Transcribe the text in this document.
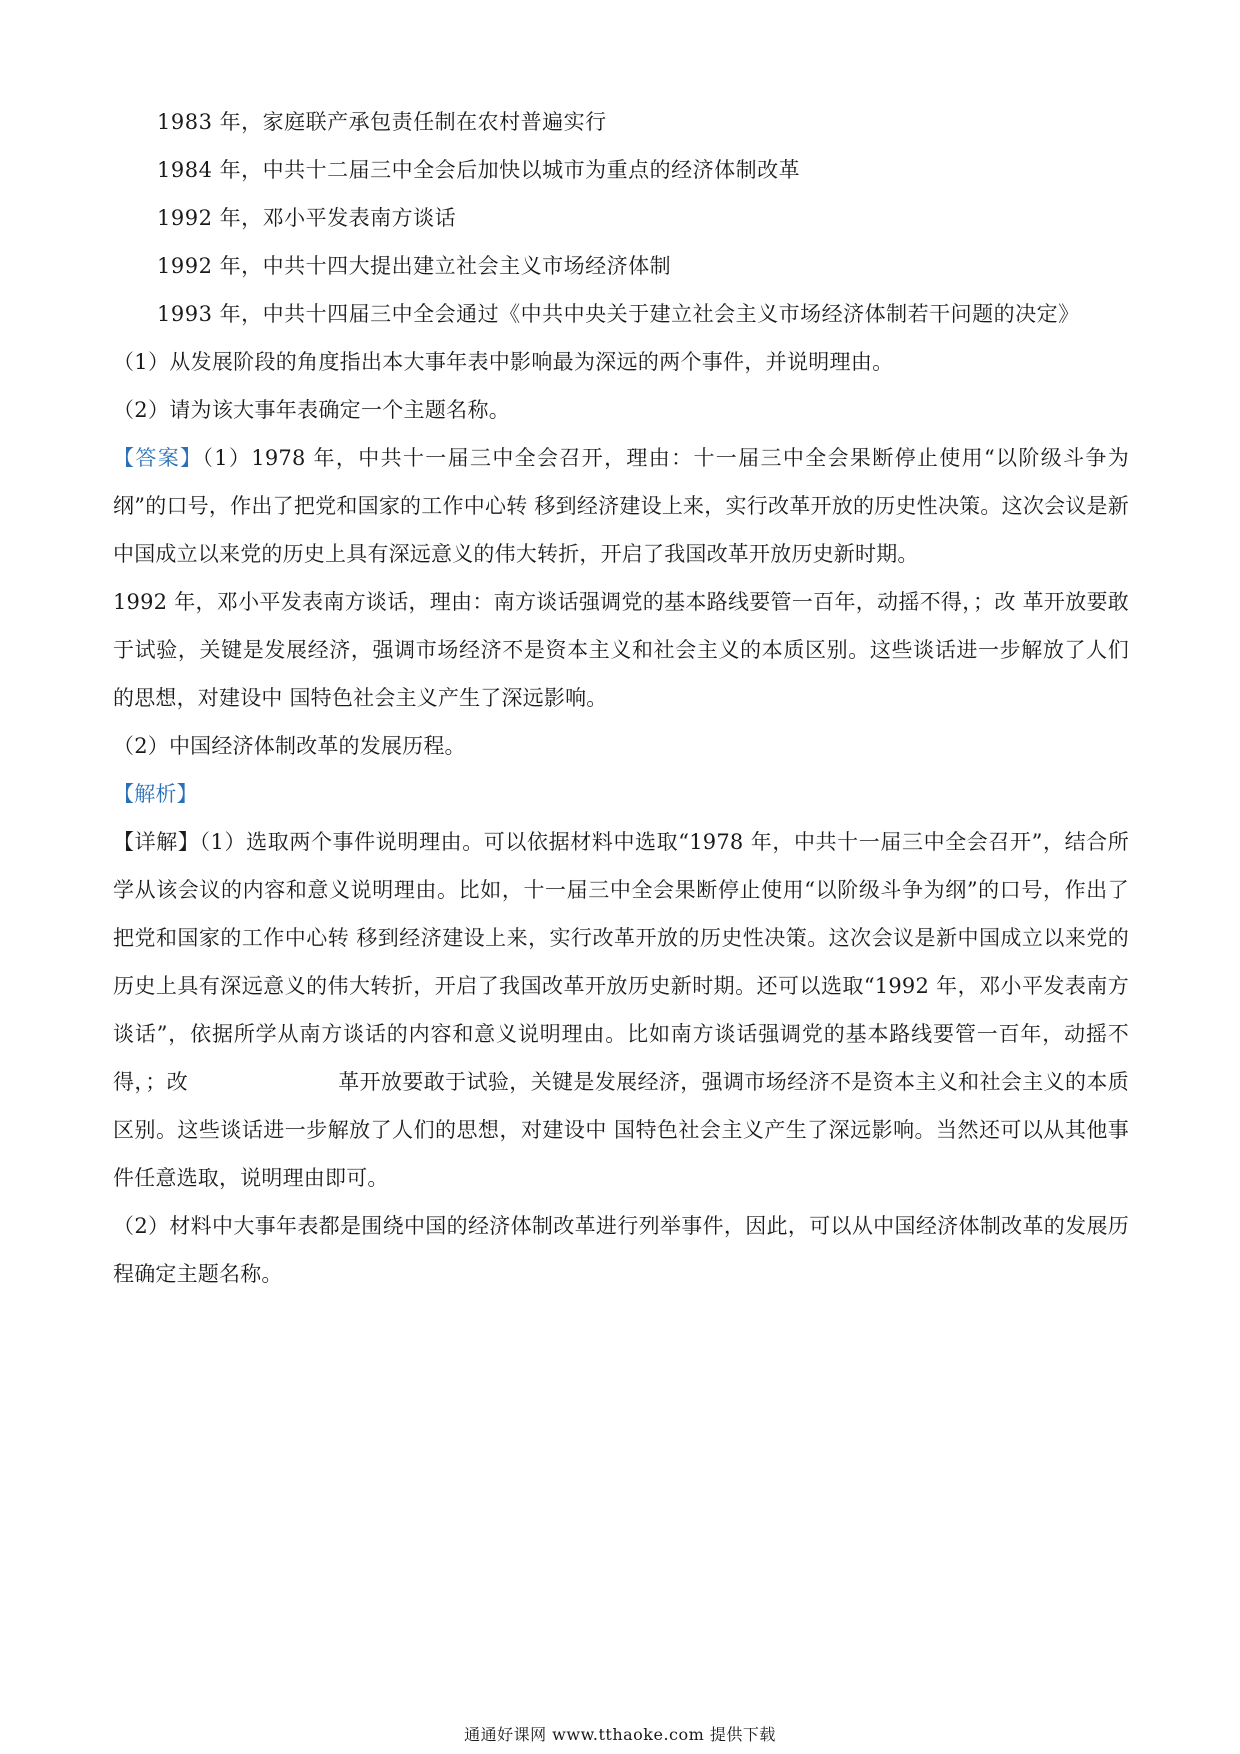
1983 年，家庭联产承包责任制在农村普遍实行
1984 年，中共十二届三中全会后加快以城市为重点的经济体制改革
1992 年，邓小平发表南方谈话
1992 年，中共十四大提出建立社会主义市场经济体制
1993 年，中共十四届三中全会通过《中共中央关于建立社会主义市场经济体制若干问题的决定》

（1）从发展阶段的角度指出本大事年表中影响最为深远的两个事件，并说明理由。

（2）请为该大事年表确定一个主题名称。

【答案】（1）1978 年，中共十一届三中全会召开，理由：十一届三中全会果断停止使用“以阶级斗争为纲”的口号，作出了把党和国家的工作中心转 移到经济建设上来，实行改革开放的历史性决策。这次会议是新中国成立以来党的历史上具有深远意义的伟大转折，开启了我国改革开放历史新时期。

1992 年，邓小平发表南方谈话，理由：南方谈话强调党的基本路线要管一百年，动摇不得，；改 革开放要敢于试验，关键是发展经济，强调市场经济不是资本主义和社会主义的本质区别。这些谈话进一步解放了人们的思想，对建设中 国特色社会主义产生了深远影响。

（2）中国经济体制改革的发展历程。

【解析】

【详解】（1）选取两个事件说明理由。可以依据材料中选取“1978 年，中共十一届三中全会召开”，结合所学从该会议的内容和意义说明理由。比如，十一届三中全会果断停止使用“以阶级斗争为纲”的口号，作出了把党和国家的工作中心转 移到经济建设上来，实行改革开放的历史性决策。这次会议是新中国成立以来党的历史上具有深远意义的伟大转折，开启了我国改革开放历史新时期。还可以选取“1992 年，邓小平发表南方谈话”，依据所学从南方谈话的内容和意义说明理由。比如南方谈话强调党的基本路线要管一百年，动摇不得，；改	革开放要敢于试验，关键是发展经济，强调市场经济不是资本主义和社会主义的本质区别。这些谈话进一步解放了人们的思想，对建设中 国特色社会主义产生了深远影响。当然还可以从其他事件任意选取，说明理由即可。

（2）材料中大事年表都是围绕中国的经济体制改革进行列举事件，因此，可以从中国经济体制改革的发展历程确定主题名称。

通通好课网 www.tthaoke.com 提供下载
